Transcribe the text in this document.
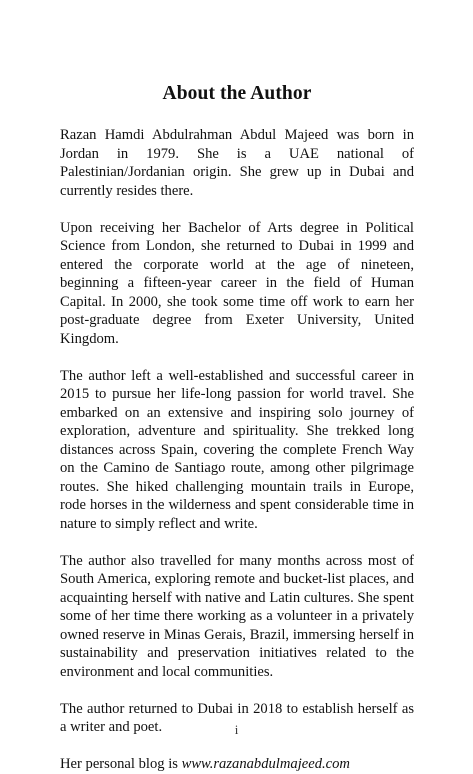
About the Author

Razan Hamdi Abdulrahman Abdul Majeed was born in Jordan in 1979. She is a UAE national of Palestinian/Jordanian origin. She grew up in Dubai and currently resides there.

Upon receiving her Bachelor of Arts degree in Political Science from London, she returned to Dubai in 1999 and entered the corporate world at the age of nineteen, beginning a fifteen-year career in the field of Human Capital. In 2000, she took some time off work to earn her post-graduate degree from Exeter University, United Kingdom.

The author left a well-established and successful career in 2015 to pursue her life-long passion for world travel. She embarked on an extensive and inspiring solo journey of exploration, adventure and spirituality. She trekked long distances across Spain, covering the complete French Way on the Camino de Santiago route, among other pilgrimage routes. She hiked challenging mountain trails in Europe, rode horses in the wilderness and spent considerable time in nature to simply reflect and write.

The author also travelled for many months across most of South America, exploring remote and bucket-list places, and acquainting herself with native and Latin cultures. She spent some of her time there working as a volunteer in a privately owned reserve in Minas Gerais, Brazil, immersing herself in sustainability and preservation initiatives related to the environment and local communities.

The author returned to Dubai in 2018 to establish herself as a writer and poet.

Her personal blog is www.razanabdulmajeed.com

i
